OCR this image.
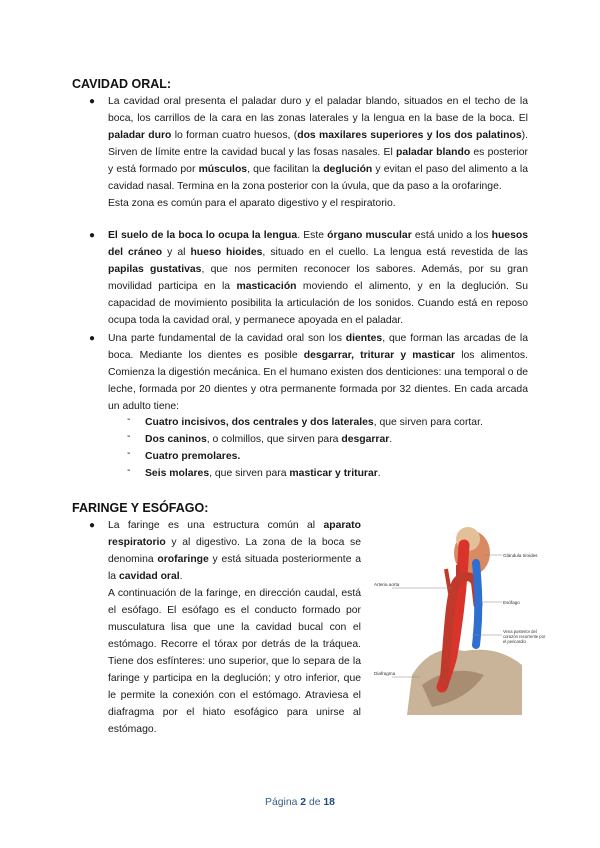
CAVIDAD ORAL:
● La cavidad oral presenta el paladar duro y el paladar blando, situados en el techo de la boca, los carrillos de la cara en las zonas laterales y la lengua en la base de la boca. El paladar duro lo forman cuatro huesos, (dos maxilares superiores y los dos palatinos). Sirven de límite entre la cavidad bucal y las fosas nasales. El paladar blando es posterior y está formado por músculos, que facilitan la deglución y evitan el paso del alimento a la cavidad nasal. Termina en la zona posterior con la úvula, que da paso a la orofaringe.
Esta zona es común para el aparato digestivo y el respiratorio.
● El suelo de la boca lo ocupa la lengua. Este órgano muscular está unido a los huesos del cráneo y al hueso hioides, situado en el cuello. La lengua está revestida de las papilas gustativas, que nos permiten reconocer los sabores. Además, por su gran movilidad participa en la masticación moviendo el alimento, y en la deglución. Su capacidad de movimiento posibilita la articulación de los sonidos. Cuando está en reposo ocupa toda la cavidad oral, y permanece apoyada en el paladar.
● Una parte fundamental de la cavidad oral son los dientes, que forman las arcadas de la boca. Mediante los dientes es posible desgarrar, triturar y masticar los alimentos. Comienza la digestión mecánica. En el humano existen dos denticiones: una temporal o de leche, formada por 20 dientes y otra permanente formada por 32 dientes. En cada arcada un adulto tiene:
- Cuatro incisivos, dos centrales y dos laterales, que sirven para cortar.
- Dos caninos, o colmillos, que sirven para desgarrar.
- Cuatro premolares.
- Seis molares, que sirven para masticar y triturar.
FARINGE Y ESÓFAGO:
● La faringe es una estructura común al aparato respiratorio y al digestivo. La zona de la boca se denomina orofaringe y está situada posteriormente a la cavidad oral.
A continuación de la faringe, en dirección caudal, está el esófago. El esófago es el conducto formado por musculatura lisa que une la cavidad bucal con el estómago. Recorre el tórax por detrás de la tráquea. Tiene dos esfínteres: uno superior, que lo separa de la faringe y participa en la deglución; y otro inferior, que le permite la conexión con el estómago. Atraviesa el diafragma por el hiato esofágico para unirse al estómago.
Glándula tiroides
Arteria aorta
Esófago
Vena posterior del
corazón recurrente por
el pericardio
Diafragma
Página 2 de 18
